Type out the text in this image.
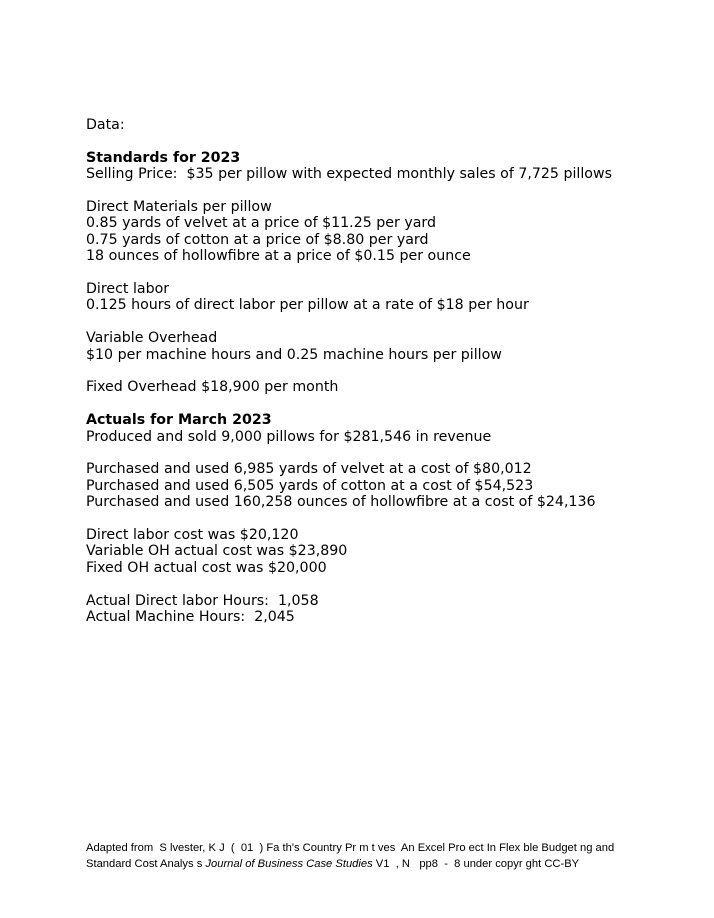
Data:
Standards for 2023
Selling Price:  $35 per pillow with expected monthly sales of 7,725 pillows
Direct Materials per pillow
0.85 yards of velvet at a price of $11.25 per yard
0.75 yards of cotton at a price of $8.80 per yard
18 ounces of hollowfibre at a price of $0.15 per ounce
Direct labor
0.125 hours of direct labor per pillow at a rate of $18 per hour
Variable Overhead
$10 per machine hours and 0.25 machine hours per pillow
Fixed Overhead $18,900 per month
Actuals for March 2023
Produced and sold 9,000 pillows for $281,546 in revenue
Purchased and used 6,985 yards of velvet at a cost of $80,012
Purchased and used 6,505 yards of cotton at a cost of $54,523
Purchased and used 160,258 ounces of hollowfibre at a cost of $24,136
Direct labor cost was $20,120
Variable OH actual cost was $23,890
Fixed OH actual cost was $20,000
Actual Direct labor Hours:  1,058
Actual Machine Hours:  2,045
Adapted from  S lvester, K J  (  01  ) Fa th's Country Pr m t ves  An Excel Pro ect In Flex ble Budget ng and
Standard Cost Analys s Journal of Business Case Studies V1  , N   pp8  -  8 under copyr ght CC-BY
